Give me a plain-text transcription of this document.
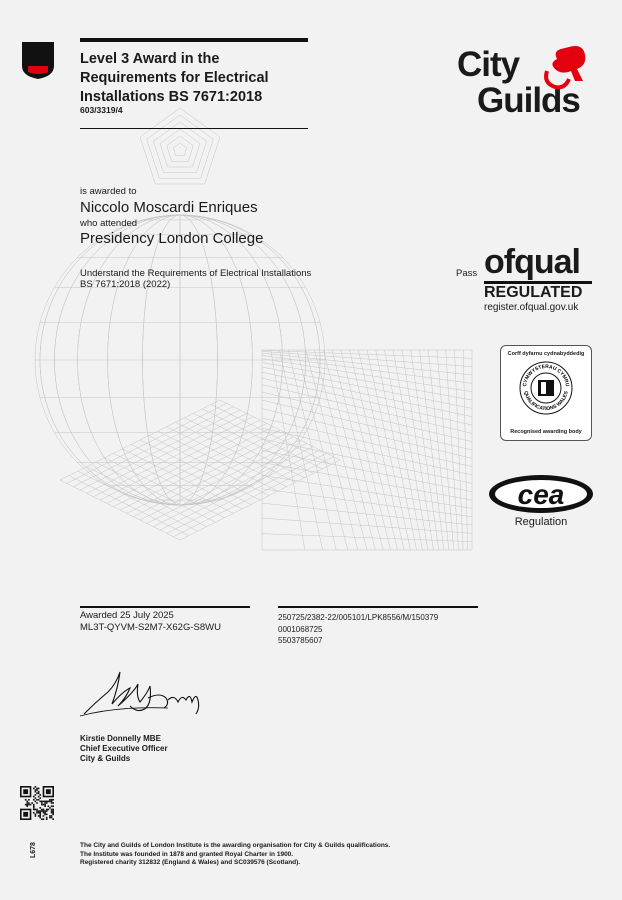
Level 3 Award in the Requirements for Electrical Installations BS 7671:2018
603/3319/4
City
Guilds
is awarded to
Niccolo Moscardi Enriques
who attended
Presidency London College
Understand the Requirements of Electrical Installations
BS 7671:2018 (2022)
Pass ofqual
REGULATED
register.ofqual.gov.uk
Corff dyfarnu cydnabyddedig
CYMWYSTERAU CYMRU
QUALIFICATIONS WALES
Recognised awarding body
cea
Regulation
Awarded 25 July 2025
ML3T-QYVM-S2M7-X62G-S8WU
250725/2382-22/005101/LPK8556/M/150379
0001068725
5503785607
Kirstie Donnelly MBE
Chief Executive Officer
City & Guilds
L678	The City and Guilds of London Institute is the awarding organisation for City & Guilds qualifications.
The Institute was founded in 1878 and granted Royal Charter in 1900.
Registered charity 312832 (England & Wales) and SC039576 (Scotland).
